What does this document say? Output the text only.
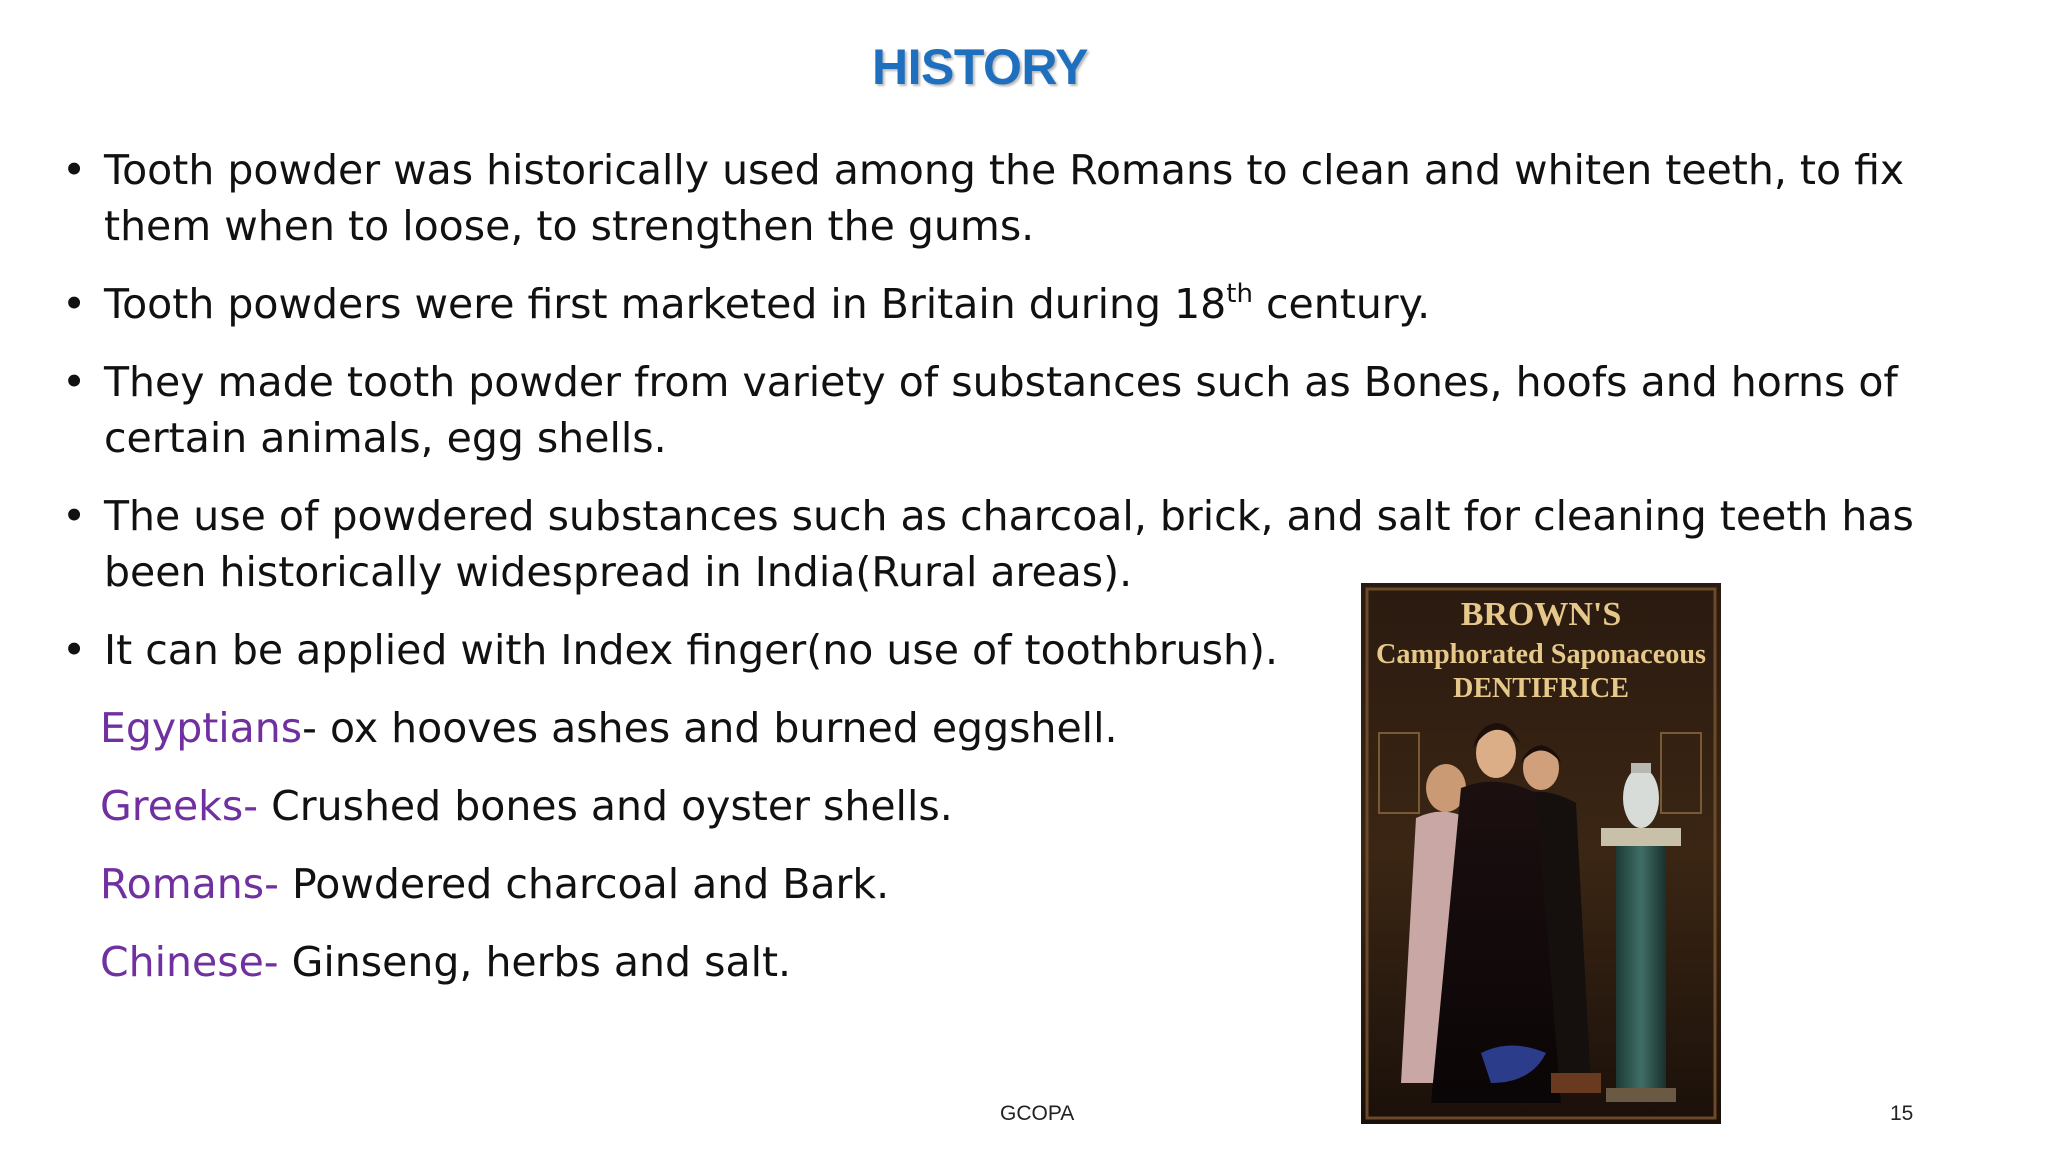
HISTORY
• Tooth powder was historically used among the Romans to clean and whiten teeth, to fix them when to loose, to strengthen the gums.
• Tooth powders were first marketed in Britain during 18th century.
• They made tooth powder from variety of substances such as Bones, hoofs and horns of certain animals, egg shells.
• The use of powdered substances such as charcoal, brick, and salt for cleaning teeth has been historically widespread in India(Rural areas).
• It can be applied with Index finger(no use of toothbrush).
Egyptians- ox hooves ashes and burned eggshell.
Greeks- Crushed bones and oyster shells.
Romans- Powdered charcoal and Bark.
Chinese- Ginseng, herbs and salt.
BROWN'S
Camphorated Saponaceous
DENTIFRICE
GCOPA	15
